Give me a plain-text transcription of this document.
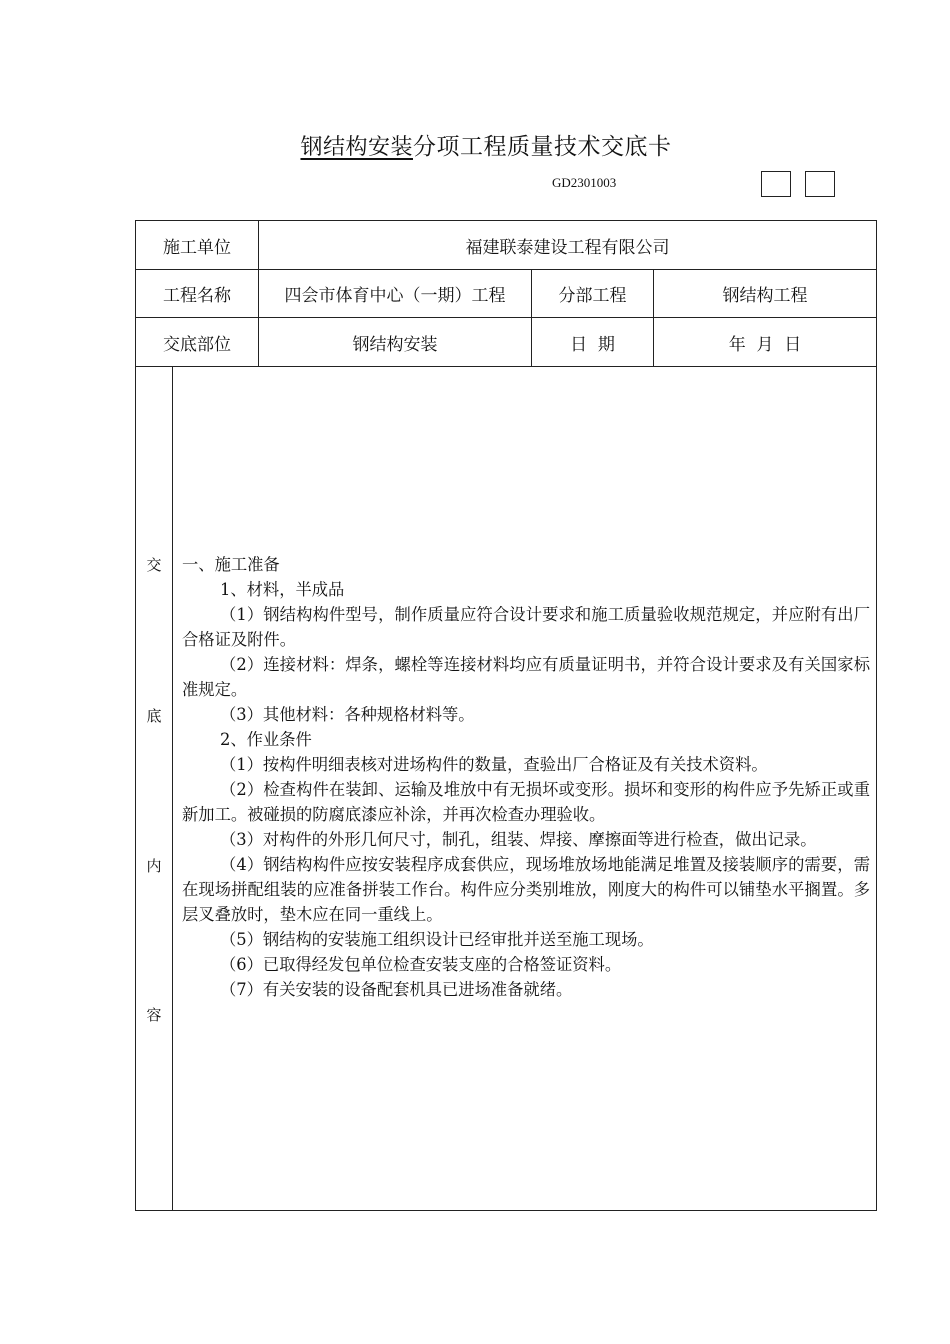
钢结构安装分项工程质量技术交底卡
GD2301003
施工单位	福建联泰建设工程有限公司
工程名称	四会市体育中心（一期）工程	分部工程	钢结构工程
交底部位	钢结构安装	日  期	年  月  日
交
底
内
容

一、施工准备

1、材料，半成品

（1）钢结构构件型号，制作质量应符合设计要求和施工质量验收规范规定，并应附有出厂合格证及附件。

（2）连接材料：焊条，螺栓等连接材料均应有质量证明书，并符合设计要求及有关国家标准规定。

（3）其他材料：各种规格材料等。

2、作业条件

（1）按构件明细表核对进场构件的数量，查验出厂合格证及有关技术资料。

（2）检查构件在装卸、运输及堆放中有无损坏或变形。损坏和变形的构件应予先矫正或重新加工。被碰损的防腐底漆应补涂，并再次检查办理验收。

（3）对构件的外形几何尺寸，制孔，组装、焊接、摩擦面等进行检查，做出记录。

（4）钢结构构件应按安装程序成套供应，现场堆放场地能满足堆置及接装顺序的需要，需在现场拼配组装的应准备拼装工作台。构件应分类别堆放，刚度大的构件可以铺垫水平搁置。多层叉叠放时，垫木应在同一重线上。

（5）钢结构的安装施工组织设计已经审批并送至施工现场。

（6）已取得经发包单位检查安装支座的合格签证资料。

（7）有关安装的设备配套机具已进场准备就绪。
